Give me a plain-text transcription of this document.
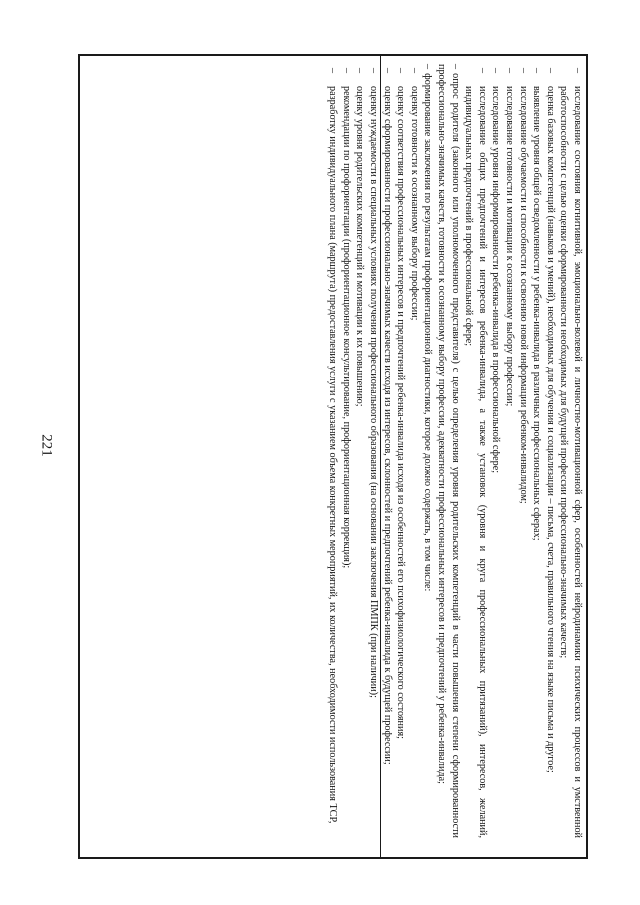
221

–
исследование состояния когнитивной, эмоционально-волевой и личностно-мотивационной сфер, особенностей нейродинамики психических процессов и умственной работоспособности с целью оценки сформированности необходимых для будущей профессии профессионально-значимых качеств;

–
оценка базовых компетенций (навыков и умений), необходимых для обучения и социализации – письма, счета, правильного чтения на языке письма и другое;

–
выявление уровня общей осведомленности у ребенка-инвалида в различных профессиональных сферах;

–
исследование обучаемости и способности к освоению новой информации ребенком-инвалидом;

–
исследование готовности и мотивации к осознанному выбору профессии;

–
исследование уровня информированности ребенка-инвалида в профессиональной сфере;

–
исследование общих предпочтений и интересов ребенка-инвалида, а также установок (уровня и круга профессиональных притязаний), интересов, желаний, индивидуальных предпочтений в профессиональной сфере;

–опрос родителя (законного или уполномоченного представителя) с целью определения уровня родительских компетенций в части повышения степени сформированности профессионально-значимых качеств, готовности к осознанному выбору профессии, адекватности профессиональных интересов и предпочтений у ребенка-инвалида;

–формирование заключения по результатам профориентационной диагностики, которое должно содержать, в том числе:

–
оценку готовности к осознанному выбору профессии;

–
оценку соответствия профессиональных интересов и предпочтений ребенка-инвалида исходя из особенностей его психофизиологического состояния;

–
оценку сформированности профессионально-значимых качеств исходя из интересов, склонностей и предпочтений ребенка-инвалида к будущей профессии;

–
оценку нуждаемости в специальных условиях получения профессионального образования (на основании заключения ПМПК (при наличии);

–
оценку уровня родительских компетенций и мотивации к их повышению;

–
рекомендации по профориентации (профориентационное консультирование, профориентационная коррекция);

–
разработку индивидуального плана (маршрута) предоставления услуги с указанием объема конкретных мероприятий, их количества, необходимости использования ТСР,
